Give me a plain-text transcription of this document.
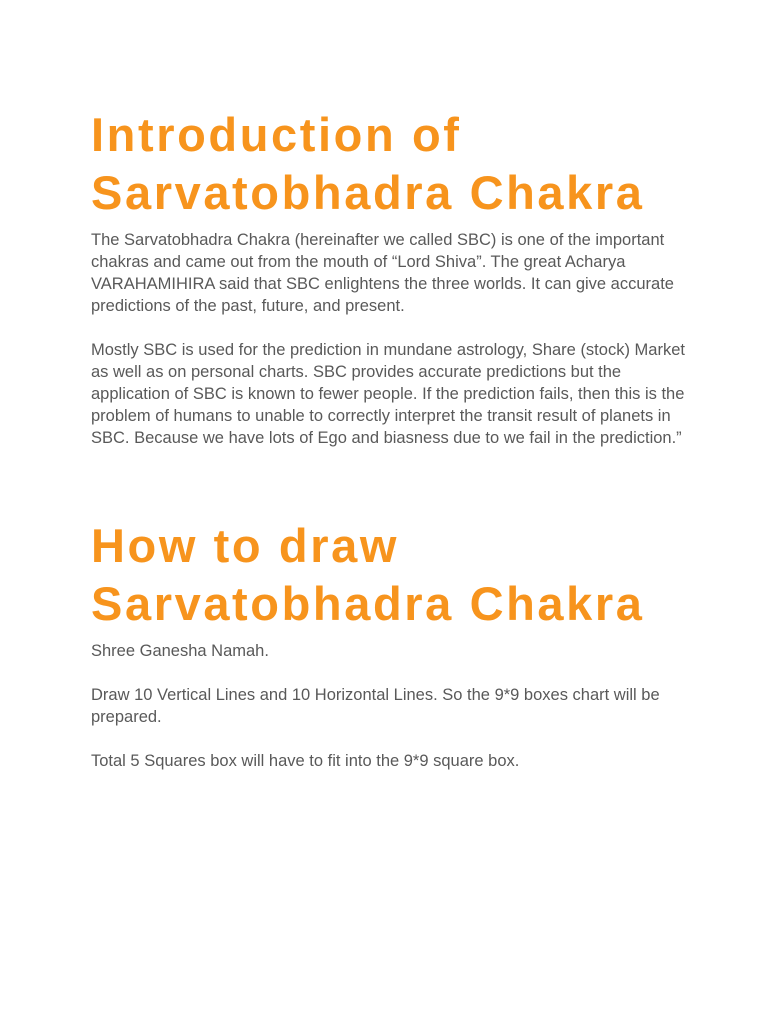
Introduction of Sarvatobhadra Chakra

The Sarvatobhadra Chakra (hereinafter we called SBC) is one of the important chakras and came out from the mouth of “Lord Shiva”. The great Acharya VARAHAMIHIRA said that SBC enlightens the three worlds. It can give accurate predictions of the past, future, and present.

Mostly SBC is used for the prediction in mundane astrology, Share (stock) Market as well as on personal charts. SBC provides accurate predictions but the application of SBC is known to fewer people. If the prediction fails, then this is the problem of humans to unable to correctly interpret the transit result of planets in SBC. Because we have lots of Ego and biasness due to we fail in the prediction.”

How to draw Sarvatobhadra Chakra

Shree Ganesha Namah.

Draw 10 Vertical Lines and 10 Horizontal Lines. So the 9*9 boxes chart will be prepared.

Total 5 Squares box will have to fit into the 9*9 square box.
